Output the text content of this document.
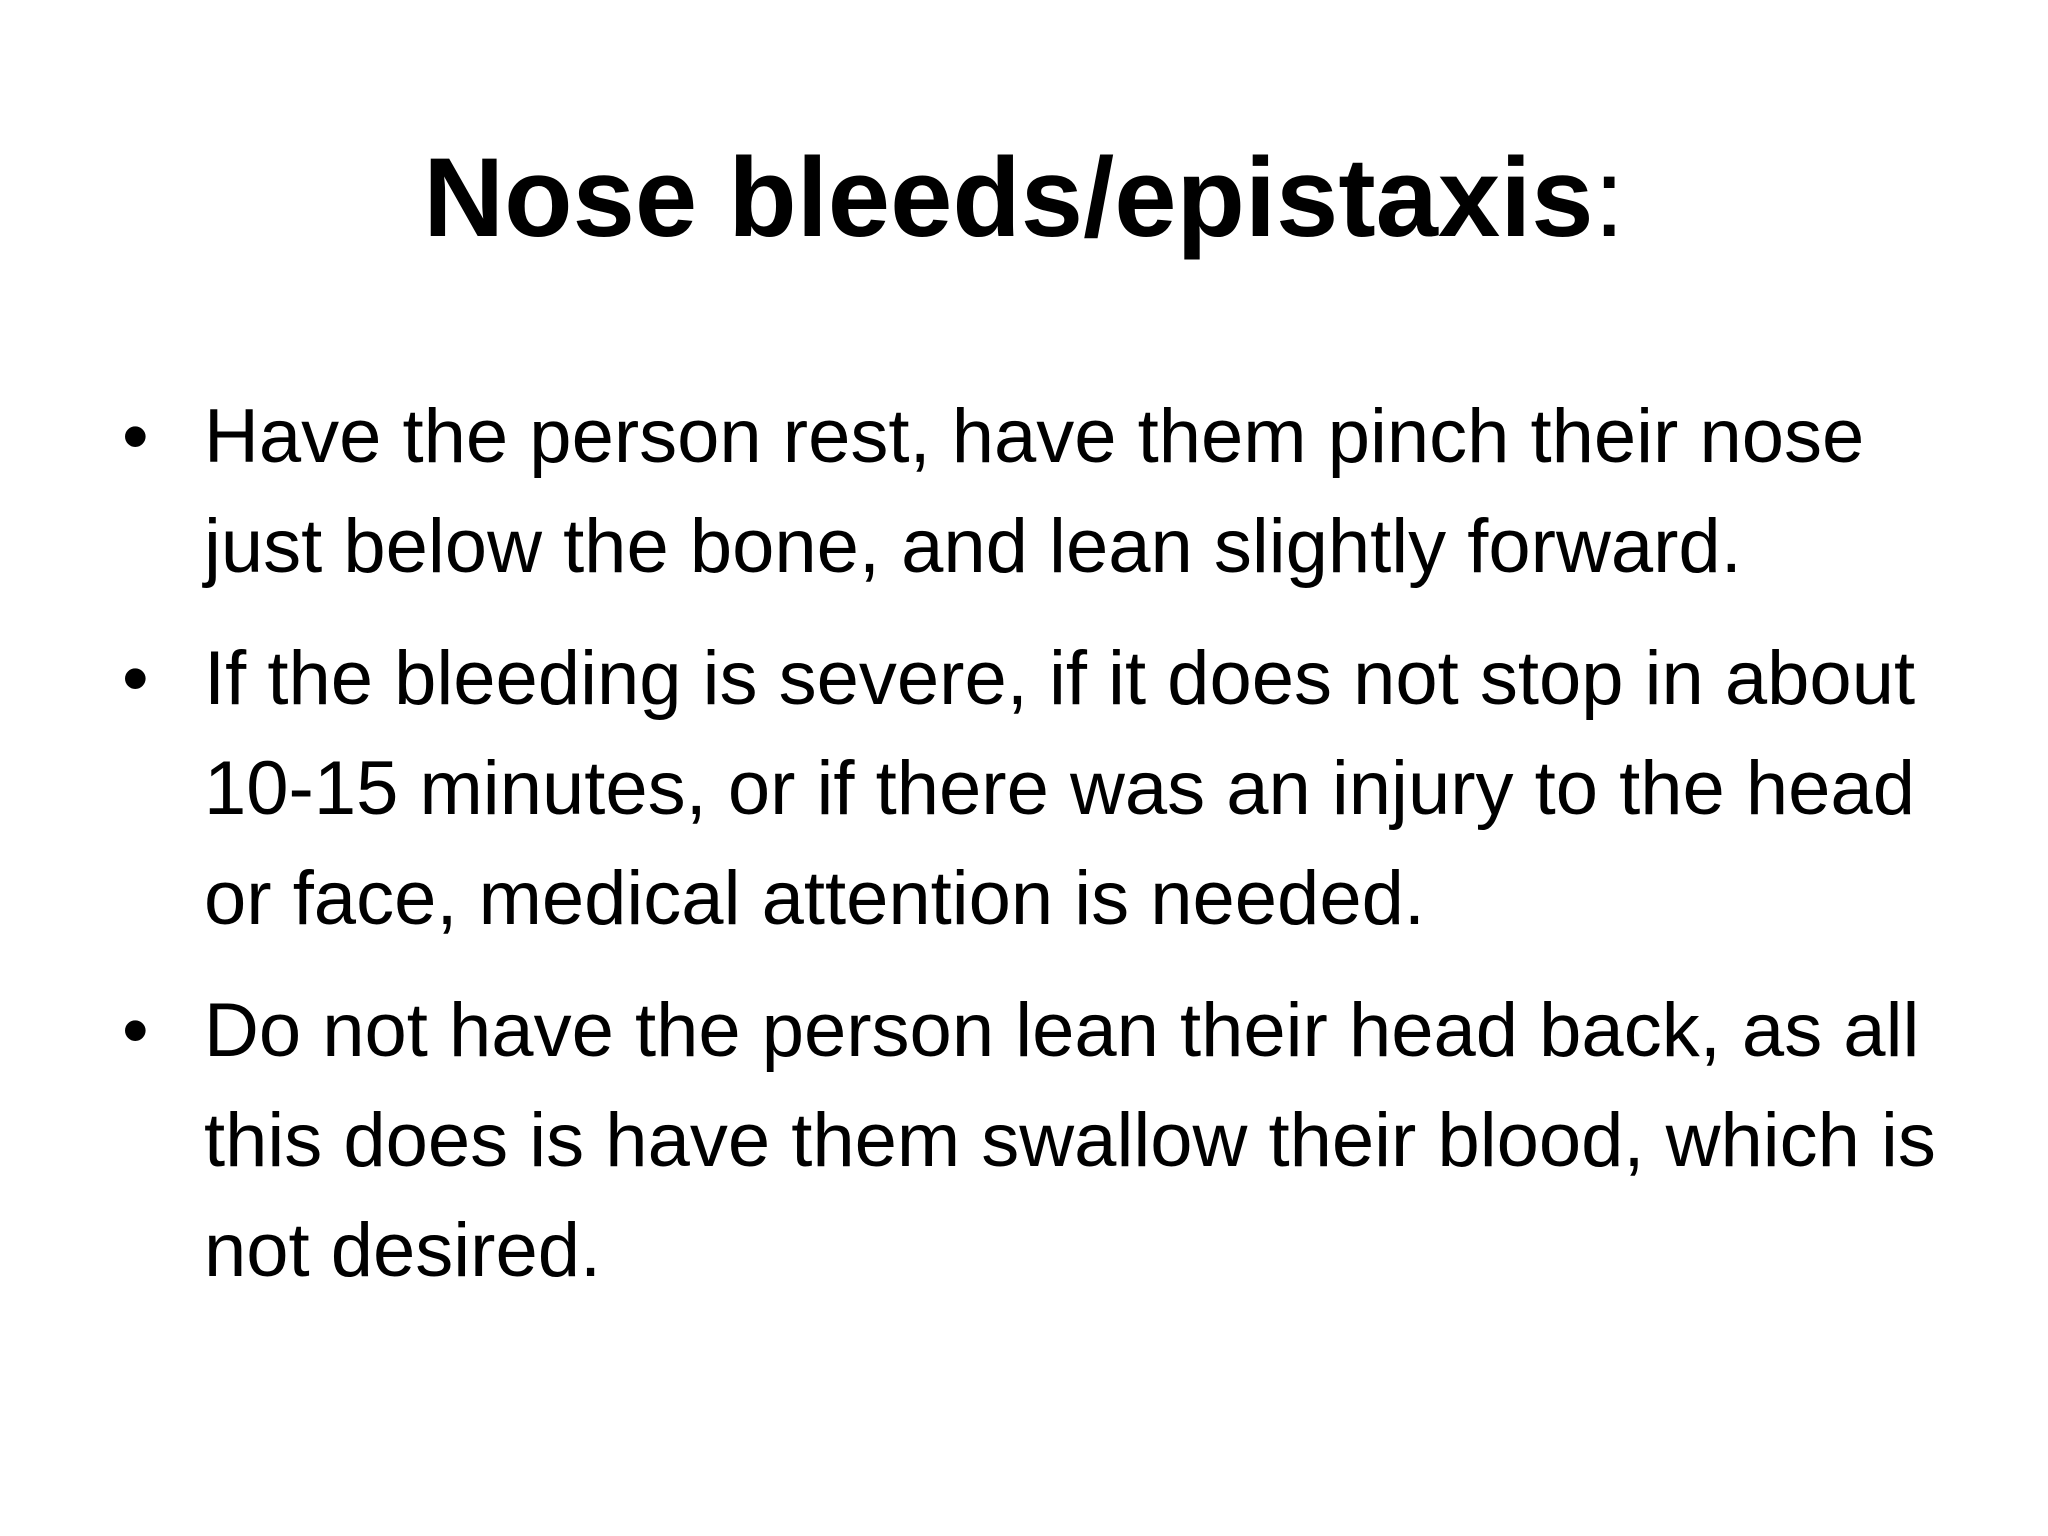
Nose bleeds/epistaxis:
• Have the person rest, have them pinch their nose just below the bone, and lean slightly forward.
• If the bleeding is severe, if it does not stop in about 10-15 minutes, or if there was an injury to the head or face, medical attention is needed.
• Do not have the person lean their head back, as all this does is have them swallow their blood, which is not desired.
